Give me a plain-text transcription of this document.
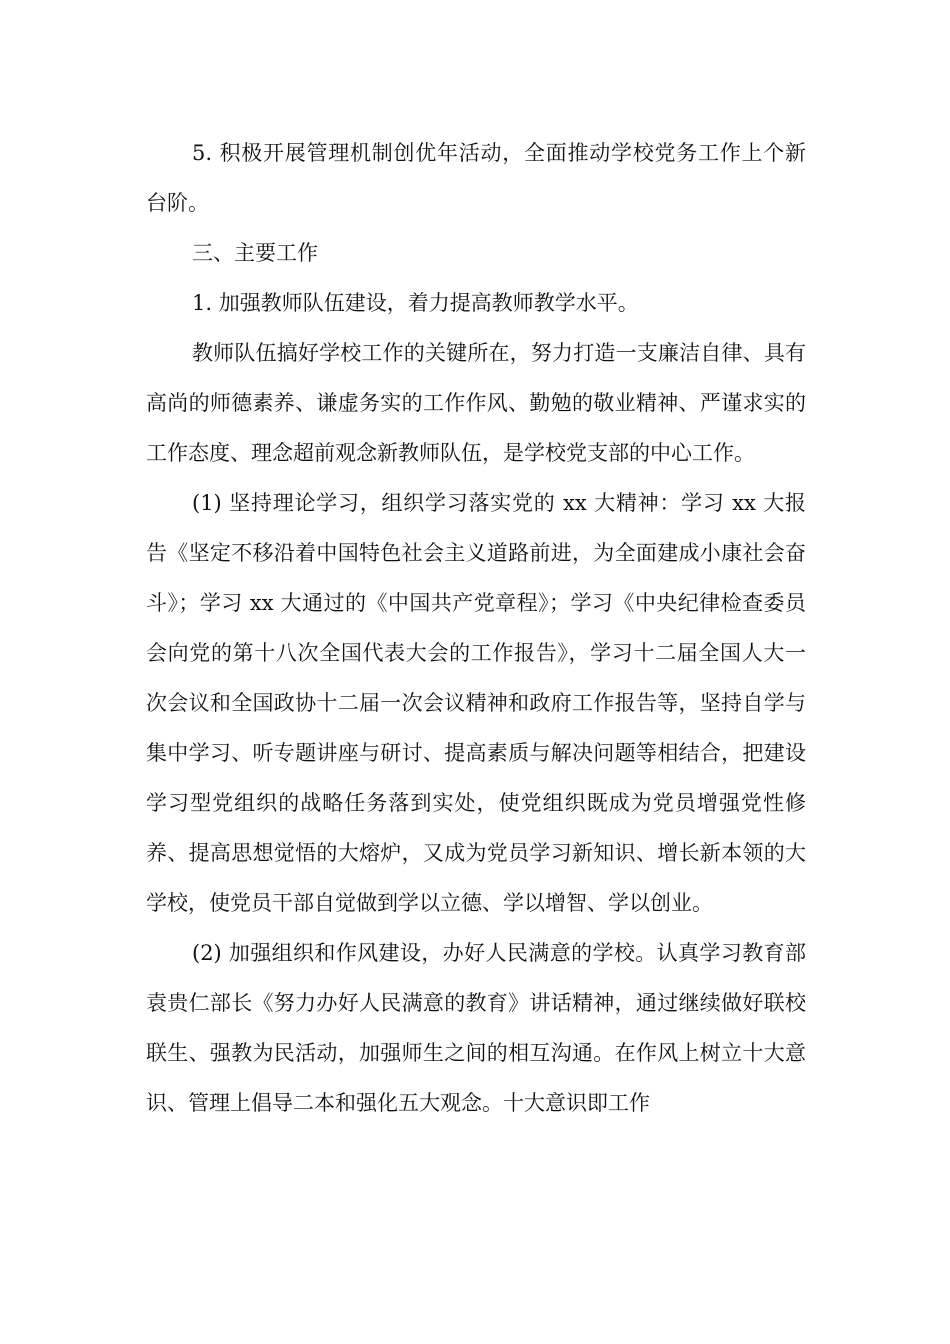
5. 积极开展管理机制创优年活动，全面推动学校党务工作上个新台阶。

三、主要工作

1. 加强教师队伍建设，着力提高教师教学水平。

教师队伍搞好学校工作的关键所在，努力打造一支廉洁自律、具有高尚的师德素养、谦虚务实的工作作风、勤勉的敬业精神、严谨求实的工作态度、理念超前观念新教师队伍，是学校党支部的中心工作。

(1) 坚持理论学习，组织学习落实党的 xx 大精神：学习 xx 大报告《坚定不移沿着中国特色社会主义道路前进，为全面建成小康社会奋斗》；学习 xx 大通过的《中国共产党章程》；学习《中央纪律检查委员会向党的第十八次全国代表大会的工作报告》，学习十二届全国人大一次会议和全国政协十二届一次会议精神和政府工作报告等，坚持自学与集中学习、听专题讲座与研讨、提高素质与解决问题等相结合，把建设学习型党组织的战略任务落到实处，使党组织既成为党员增强党性修养、提高思想觉悟的大熔炉，又成为党员学习新知识、增长新本领的大学校，使党员干部自觉做到学以立德、学以增智、学以创业。

(2) 加强组织和作风建设，办好人民满意的学校。认真学习教育部袁贵仁部长《努力办好人民满意的教育》讲话精神，通过继续做好联校联生、强教为民活动，加强师生之间的相互沟通。在作风上树立十大意识、管理上倡导二本和强化五大观念。十大意识即工作
